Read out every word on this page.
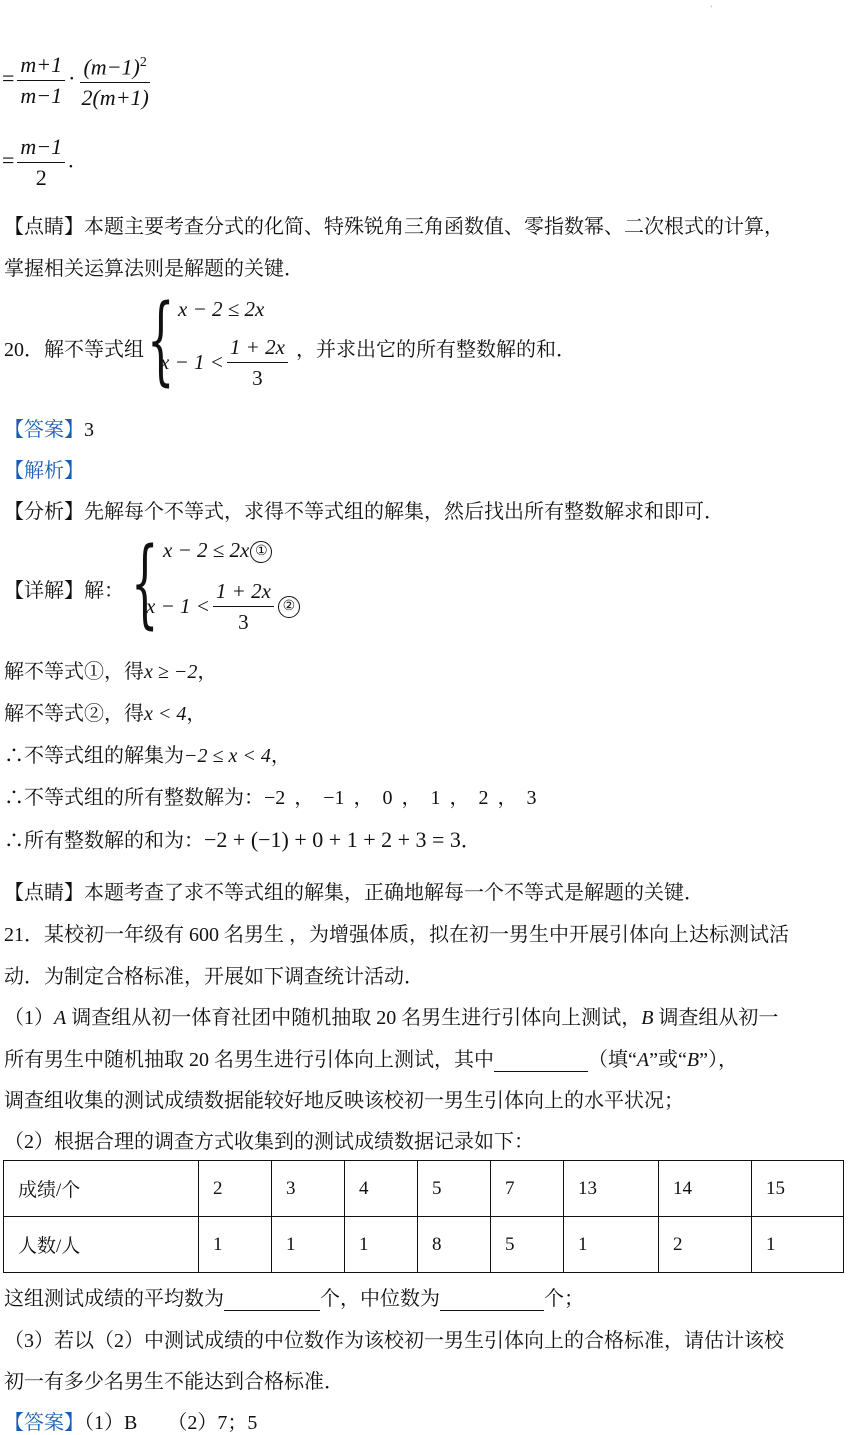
'
= $\frac{m+1}{m-1} \cdot \frac{(m-1)^2}{2(m+1)}$
= $\frac{m-1}{2}$ .
【点睛】本题主要考查分式的化简、特殊锐角三角函数值、零指数幂、二次根式的计算，
掌握相关运算法则是解题的关键．
20．解不等式组 { x − 2 ≤ 2x
$x - 1 < \frac{1 + 2x}{3}$ ，并求出它的所有整数解的和．
【答案】3
【解析】
【分析】先解每个不等式，求得不等式组的解集，然后找出所有整数解求和即可．
【详解】解： { x − 2 ≤ 2x ①
$x - 1 < \frac{1 + 2x}{3}$ ②
解不等式①，得x ≥ −2，
解不等式②，得x < 4，
∴不等式组的解集为−2 ≤ x < 4，
∴不等式组的所有整数解为：−2 ， −1 ， 0 ， 1 ， 2 ， 3
∴所有整数解的和为：−2 + (−1) + 0 + 1 + 2 + 3 = 3．
【点睛】本题考查了求不等式组的解集，正确地解每一个不等式是解题的关键．
21．某校初一年级有 600 名男生 ，为增强体质，拟在初一男生中开展引体向上达标测试活
动．为制定合格标准，开展如下调查统计活动．
（1）A 调查组从初一体育社团中随机抽取 20 名男生进行引体向上测试，B 调查组从初一
所有男生中随机抽取 20 名男生进行引体向上测试，其中	（填“A”或“B”），
调查组收集的测试成绩数据能较好地反映该校初一男生引体向上的水平状况；
（2）根据合理的调查方式收集到的测试成绩数据记录如下：
成绩/个	2	3	4	5	7	13	14	15
人数/人	1	1	1	8	5	1	2	1
这组测试成绩的平均数为	个，中位数为	个；
（3）若以（2）中测试成绩的中位数作为该校初一男生引体向上的合格标准，请估计该校
初一有多少名男生不能达到合格标准．
【答案】（1）B （2）7；5
